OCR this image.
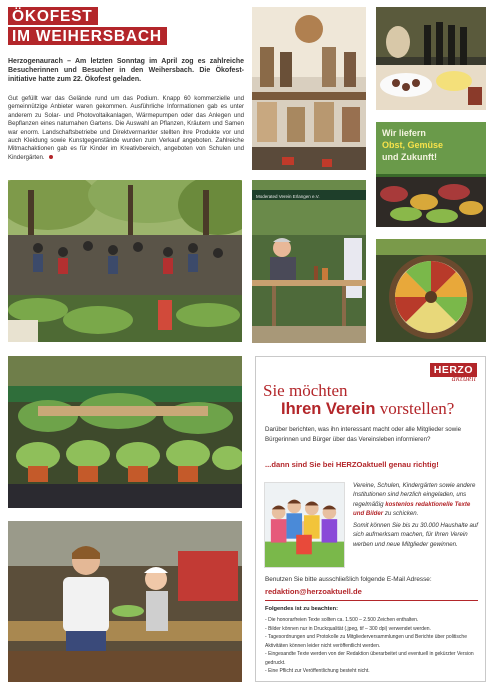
ÖKOFEST
IM WEIHERSBACH

Herzogenaurach – Am letzten Sonntag im April zog es zahlreiche Besucherinnen und Besucher in den Weihersbach. Die Ökofest-initiative hatte zum 22. Ökofest geladen.

Gut gefüllt war das Gelände rund um das Podium. Knapp 60 kommerzielle und gemeinnützige Anbieter waren gekommen. Ausführliche Informationen gab es unter anderem zu Solar- und Photovoltaikanlagen, Wärmepumpen oder das Anlegen und Bepflanzen eines naturnahen Gartens. Die Auswahl an Pflanzen, Kräutern und Samen war enorm. Landschaftsbetriebe und Direktvermarkter stellten ihre Produkte vor und auch Kleidung sowie Kunstgegenstände wurden zum Verkauf angeboten. Zahlreiche Mitmachaktionen gab es für Kinder im Kreativbereich, angeboten von Schulen und Kindergärten.

Wir liefern
Obst, Gemüse
und Zukunft!
Moderated Verein Erlangen e.V.
HERZO
aktuell
Sie möchten
Ihren Verein vorstellen?

Darüber berichten, was ihn interessant macht oder alle Mitglieder sowie Bürgerinnen und Bürger über das Vereinsleben informieren?

...dann sind Sie bei HERZOaktuell genau richtig!

Vereine, Schulen, Kindergärten sowie andere Institutionen sind herzlich eingeladen, uns regelmäßig kostenlos redaktionelle Texte und Bilder zu schicken.

Somit können Sie bis zu 30.000 Haushalte auf sich aufmerksam machen, für Ihren Verein werben und neue Mitglieder gewinnen.

Benutzen Sie bitte ausschließlich folgende E-Mail Adresse:
redaktion@herzoaktuell.de
Folgendes ist zu beachten:
- Die honorarfreien Texte sollten ca. 1.500 – 2.500 Zeichen enthalten.
- Bilder können nur in Druckqualität (.jpeg, tif – 300 dpi) verwendet werden.
- Tagesordnungen und Protokolle zu Mitgliederversammlungen und Berichte über politische Aktivitäten können leider nicht veröffentlicht werden.
- Eingesandte Texte werden von der Redaktion überarbeitet und eventuell in gekürzter Version gedruckt.
- Eine Pflicht zur Veröffentlichung besteht nicht.
